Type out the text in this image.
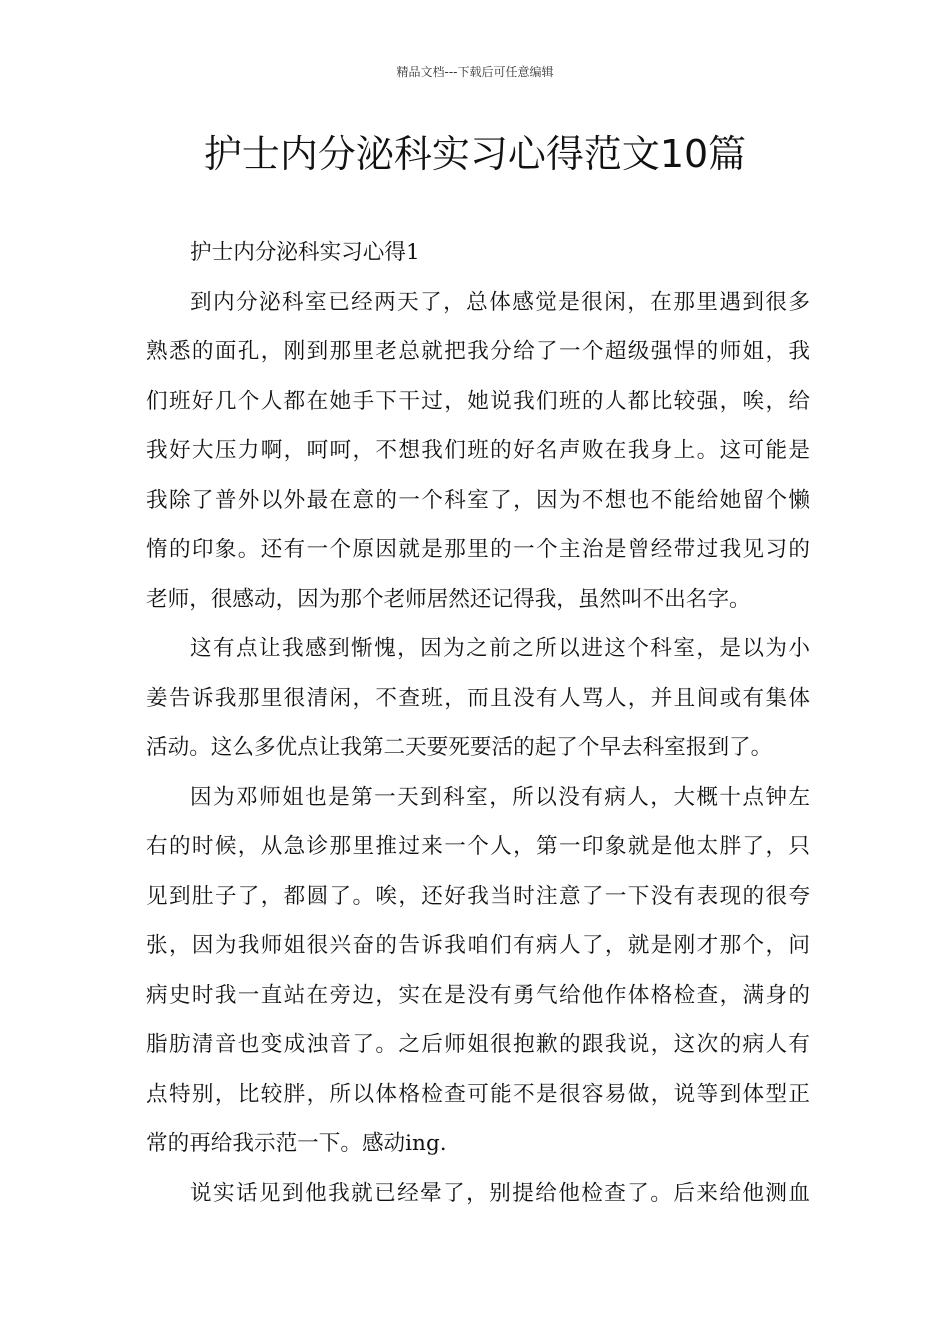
精品文档---下载后可任意编辑
护士内分泌科实习心得范文10篇
护士内分泌科实习心得1
到内分泌科室已经两天了，总体感觉是很闲，在那里遇到很多
熟悉的面孔，刚到那里老总就把我分给了一个超级强悍的师姐，我
们班好几个人都在她手下干过，她说我们班的人都比较强，唉，给
我好大压力啊，呵呵，不想我们班的好名声败在我身上。这可能是
我除了普外以外最在意的一个科室了，因为不想也不能给她留个懒
惰的印象。还有一个原因就是那里的一个主治是曾经带过我见习的
老师，很感动，因为那个老师居然还记得我，虽然叫不出名字。
这有点让我感到惭愧，因为之前之所以进这个科室，是以为小
姜告诉我那里很清闲，不查班，而且没有人骂人，并且间或有集体
活动。这么多优点让我第二天要死要活的起了个早去科室报到了。
因为邓师姐也是第一天到科室，所以没有病人，大概十点钟左
右的时候，从急诊那里推过来一个人，第一印象就是他太胖了，只
见到肚子了，都圆了。唉，还好我当时注意了一下没有表现的很夸
张，因为我师姐很兴奋的告诉我咱们有病人了，就是刚才那个，问
病史时我一直站在旁边，实在是没有勇气给他作体格检查，满身的
脂肪清音也变成浊音了。之后师姐很抱歉的跟我说，这次的病人有
点特别，比较胖，所以体格检查可能不是很容易做，说等到体型正
常的再给我示范一下。感动ing.
说实话见到他我就已经晕了，别提给他检查了。后来给他测血
